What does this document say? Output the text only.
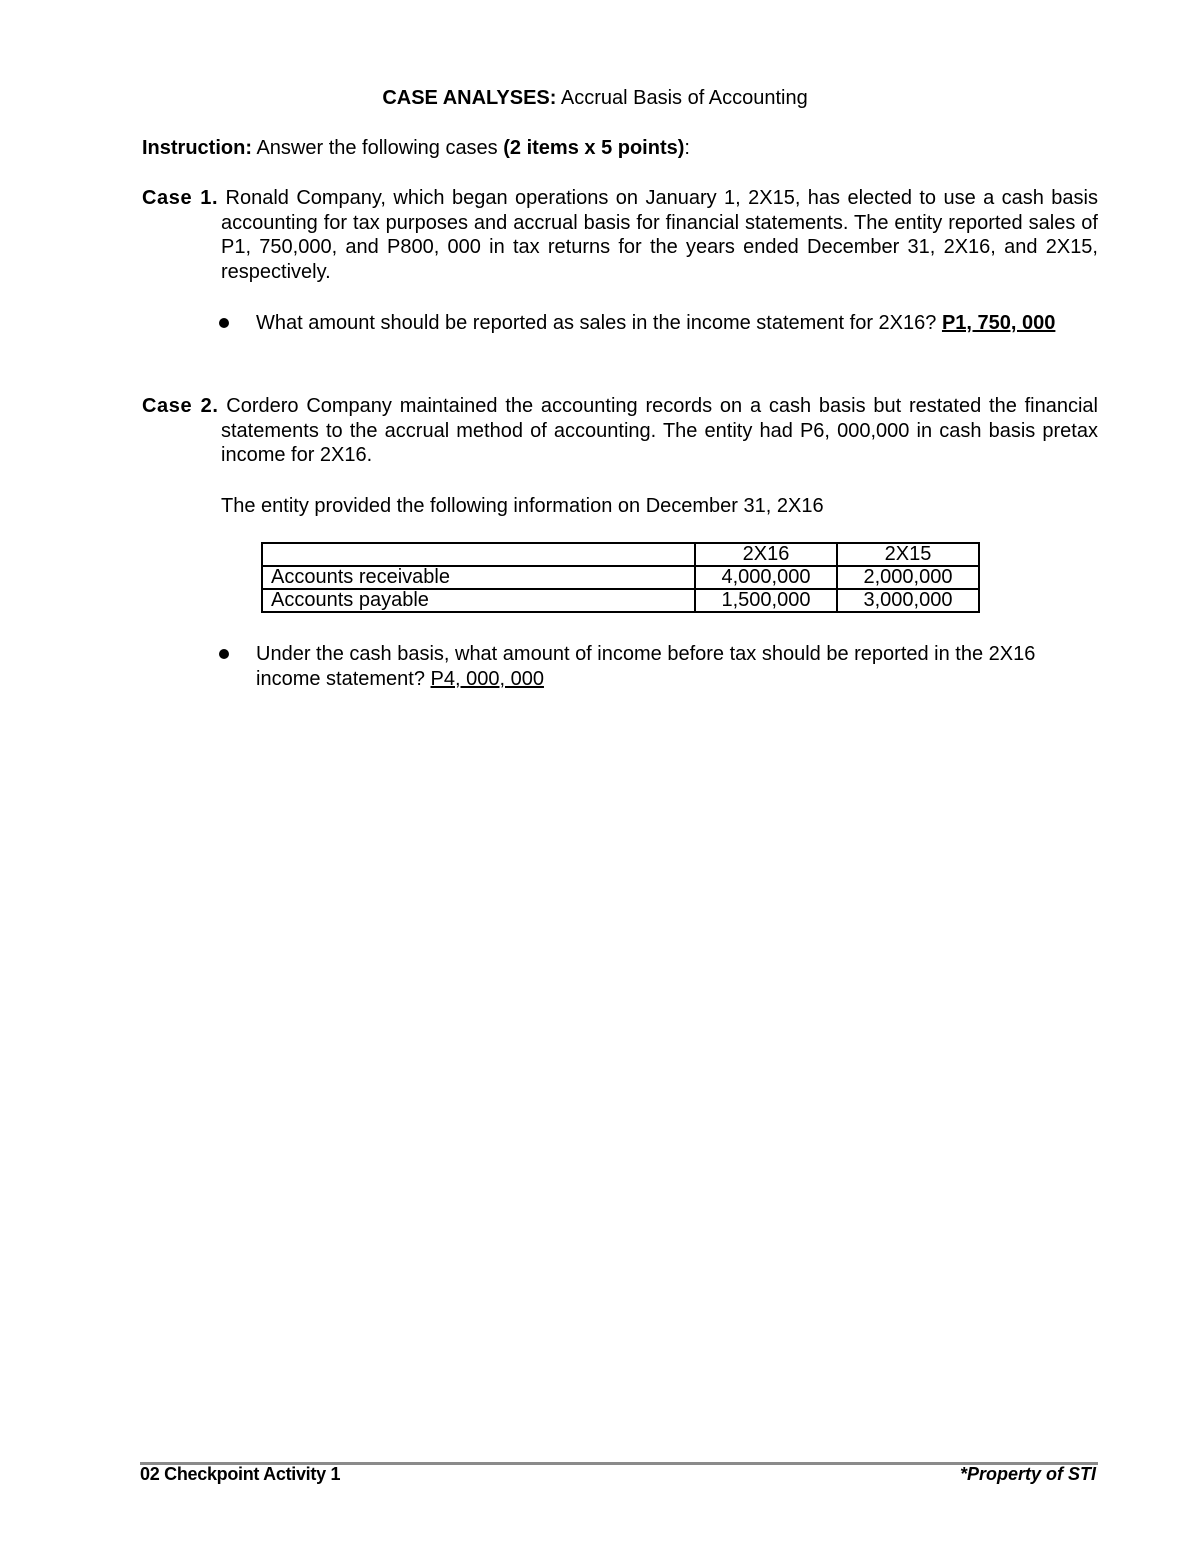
CASE ANALYSES: Accrual Basis of Accounting
Instruction: Answer the following cases (2 items x 5 points):
Case 1. Ronald Company, which began operations on January 1, 2X15, has elected to use a cash basis accounting for tax purposes and accrual basis for financial statements. The entity reported sales of P1, 750,000, and P800, 000 in tax returns for the years ended December 31, 2X16, and 2X15, respectively.
What amount should be reported as sales in the income statement for 2X16? P1, 750, 000
Case 2. Cordero Company maintained the accounting records on a cash basis but restated the financial statements to the accrual method of accounting. The entity had P6, 000,000 in cash basis pretax income for 2X16.
The entity provided the following information on December 31, 2X16
	2X16	2X15
Accounts receivable	4,000,000	2,000,000
Accounts payable	1,500,000	3,000,000
Under the cash basis, what amount of income before tax should be reported in the 2X16 income statement? P4, 000, 000
02 Checkpoint Activity 1	*Property of STI
